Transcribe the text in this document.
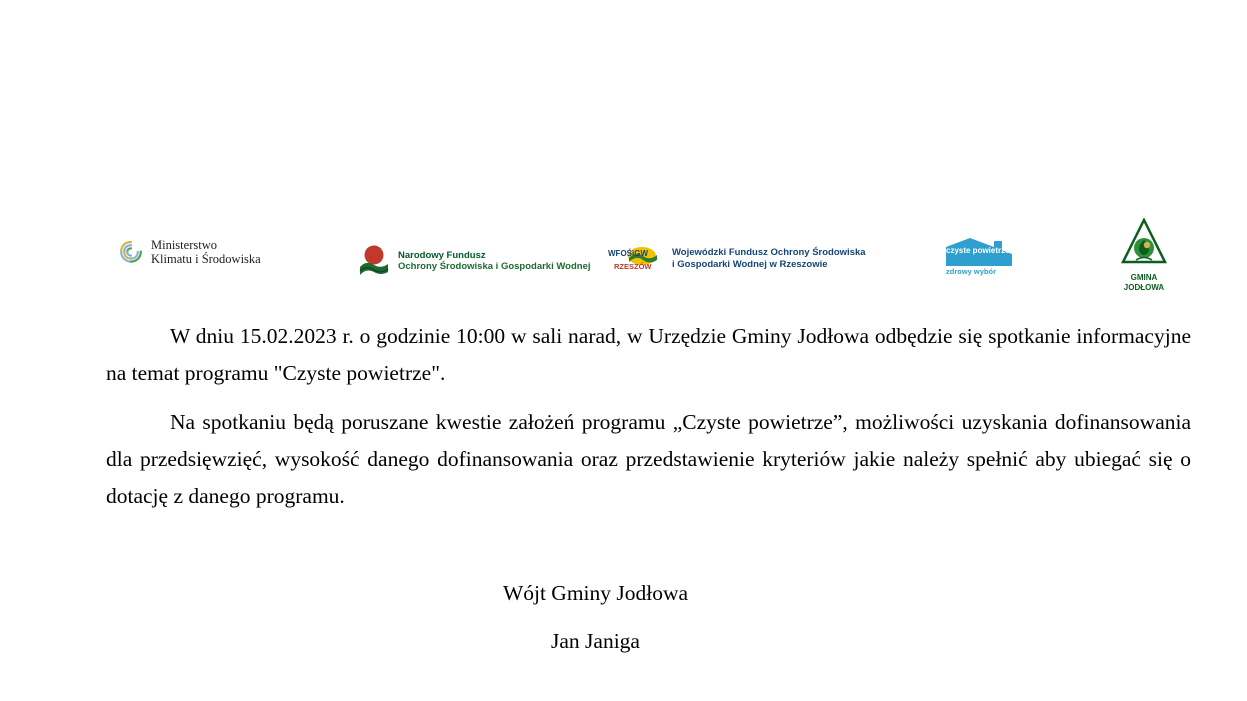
Ministerstwo
Klimatu i Środowiska	Narodowy Fundusz
Ochrony Środowiska i Gospodarki Wodnej
WFOŚiGW
RZESZÓW
Wojewódzki Fundusz Ochrony Środowiska
i Gospodarki Wodnej w Rzeszowie
czyste powietrze
zdrowy wybór
GMINA
JODŁOWA

W dniu 15.02.2023 r. o godzinie 10:00 w sali narad, w Urzędzie Gminy Jodłowa odbędzie się spotkanie informacyjne na temat programu "Czyste powietrze".

Na spotkaniu będą poruszane kwestie założeń programu „Czyste powietrze”, możliwości uzyskania dofinansowania dla przedsięwzięć, wysokość danego dofinansowania oraz przedstawienie kryteriów jakie należy spełnić aby ubiegać się o dotację z danego programu.

Wójt Gminy Jodłowa
Jan Janiga
